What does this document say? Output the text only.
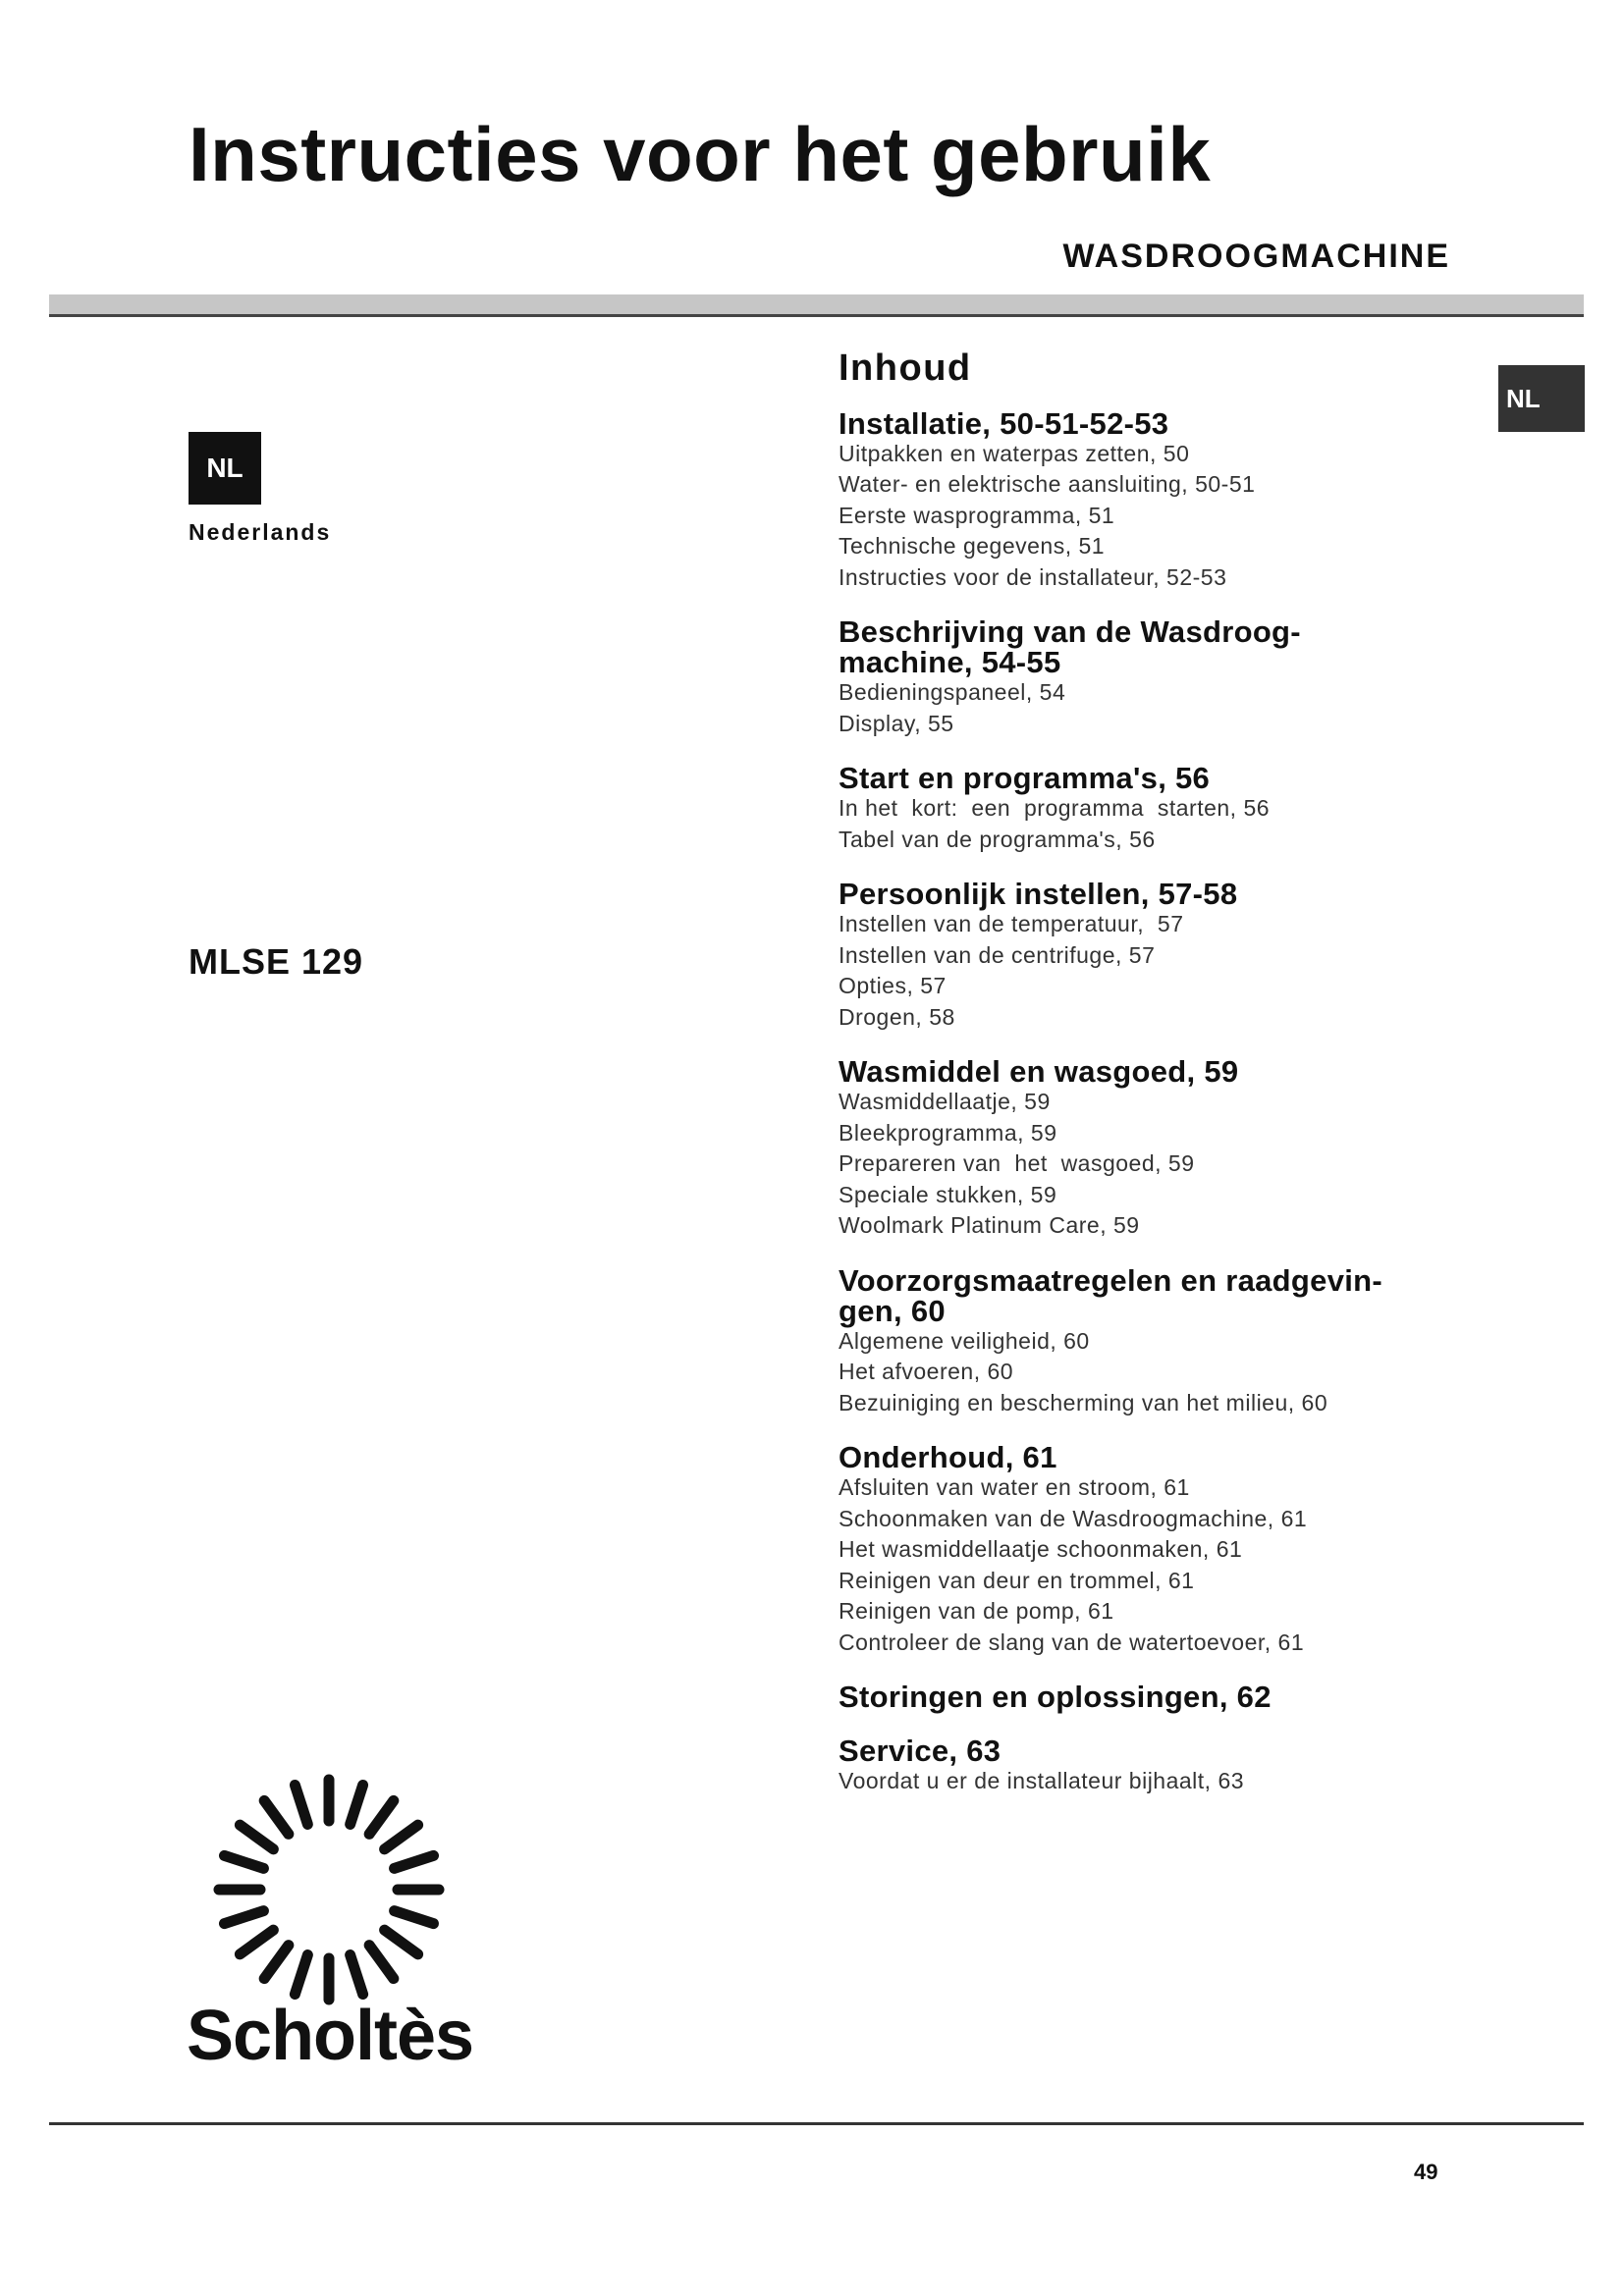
Instructies voor het gebruik
WASDROOGMACHINE
NL
Nederlands
NL
MLSE 129
Scholtès
Inhoud
Installatie, 50-51-52-53
Uitpakken en waterpas zetten, 50
Water- en elektrische aansluiting, 50-51
Eerste wasprogramma, 51
Technische gegevens, 51
Instructies voor de installateur, 52-53
Beschrijving van de Wasdroog-
machine, 54-55
Bedieningspaneel, 54
Display, 55
Start en programma's, 56
In het  kort:  een  programma  starten, 56
Tabel van de programma's, 56
Persoonlijk instellen, 57-58
Instellen van de temperatuur,  57
Instellen van de centrifuge, 57
Opties, 57
Drogen, 58
Wasmiddel en wasgoed, 59
Wasmiddellaatje, 59
Bleekprogramma, 59
Prepareren van  het  wasgoed, 59
Speciale stukken, 59
Woolmark Platinum Care, 59
Voorzorgsmaatregelen en raadgevin-
gen, 60
Algemene veiligheid, 60
Het afvoeren, 60
Bezuiniging en bescherming van het milieu, 60
Onderhoud, 61
Afsluiten van water en stroom, 61
Schoonmaken van de Wasdroogmachine, 61
Het wasmiddellaatje schoonmaken, 61
Reinigen van deur en trommel, 61
Reinigen van de pomp, 61
Controleer de slang van de watertoevoer, 61
Storingen en oplossingen, 62
Service, 63
Voordat u er de installateur bijhaalt, 63
49
